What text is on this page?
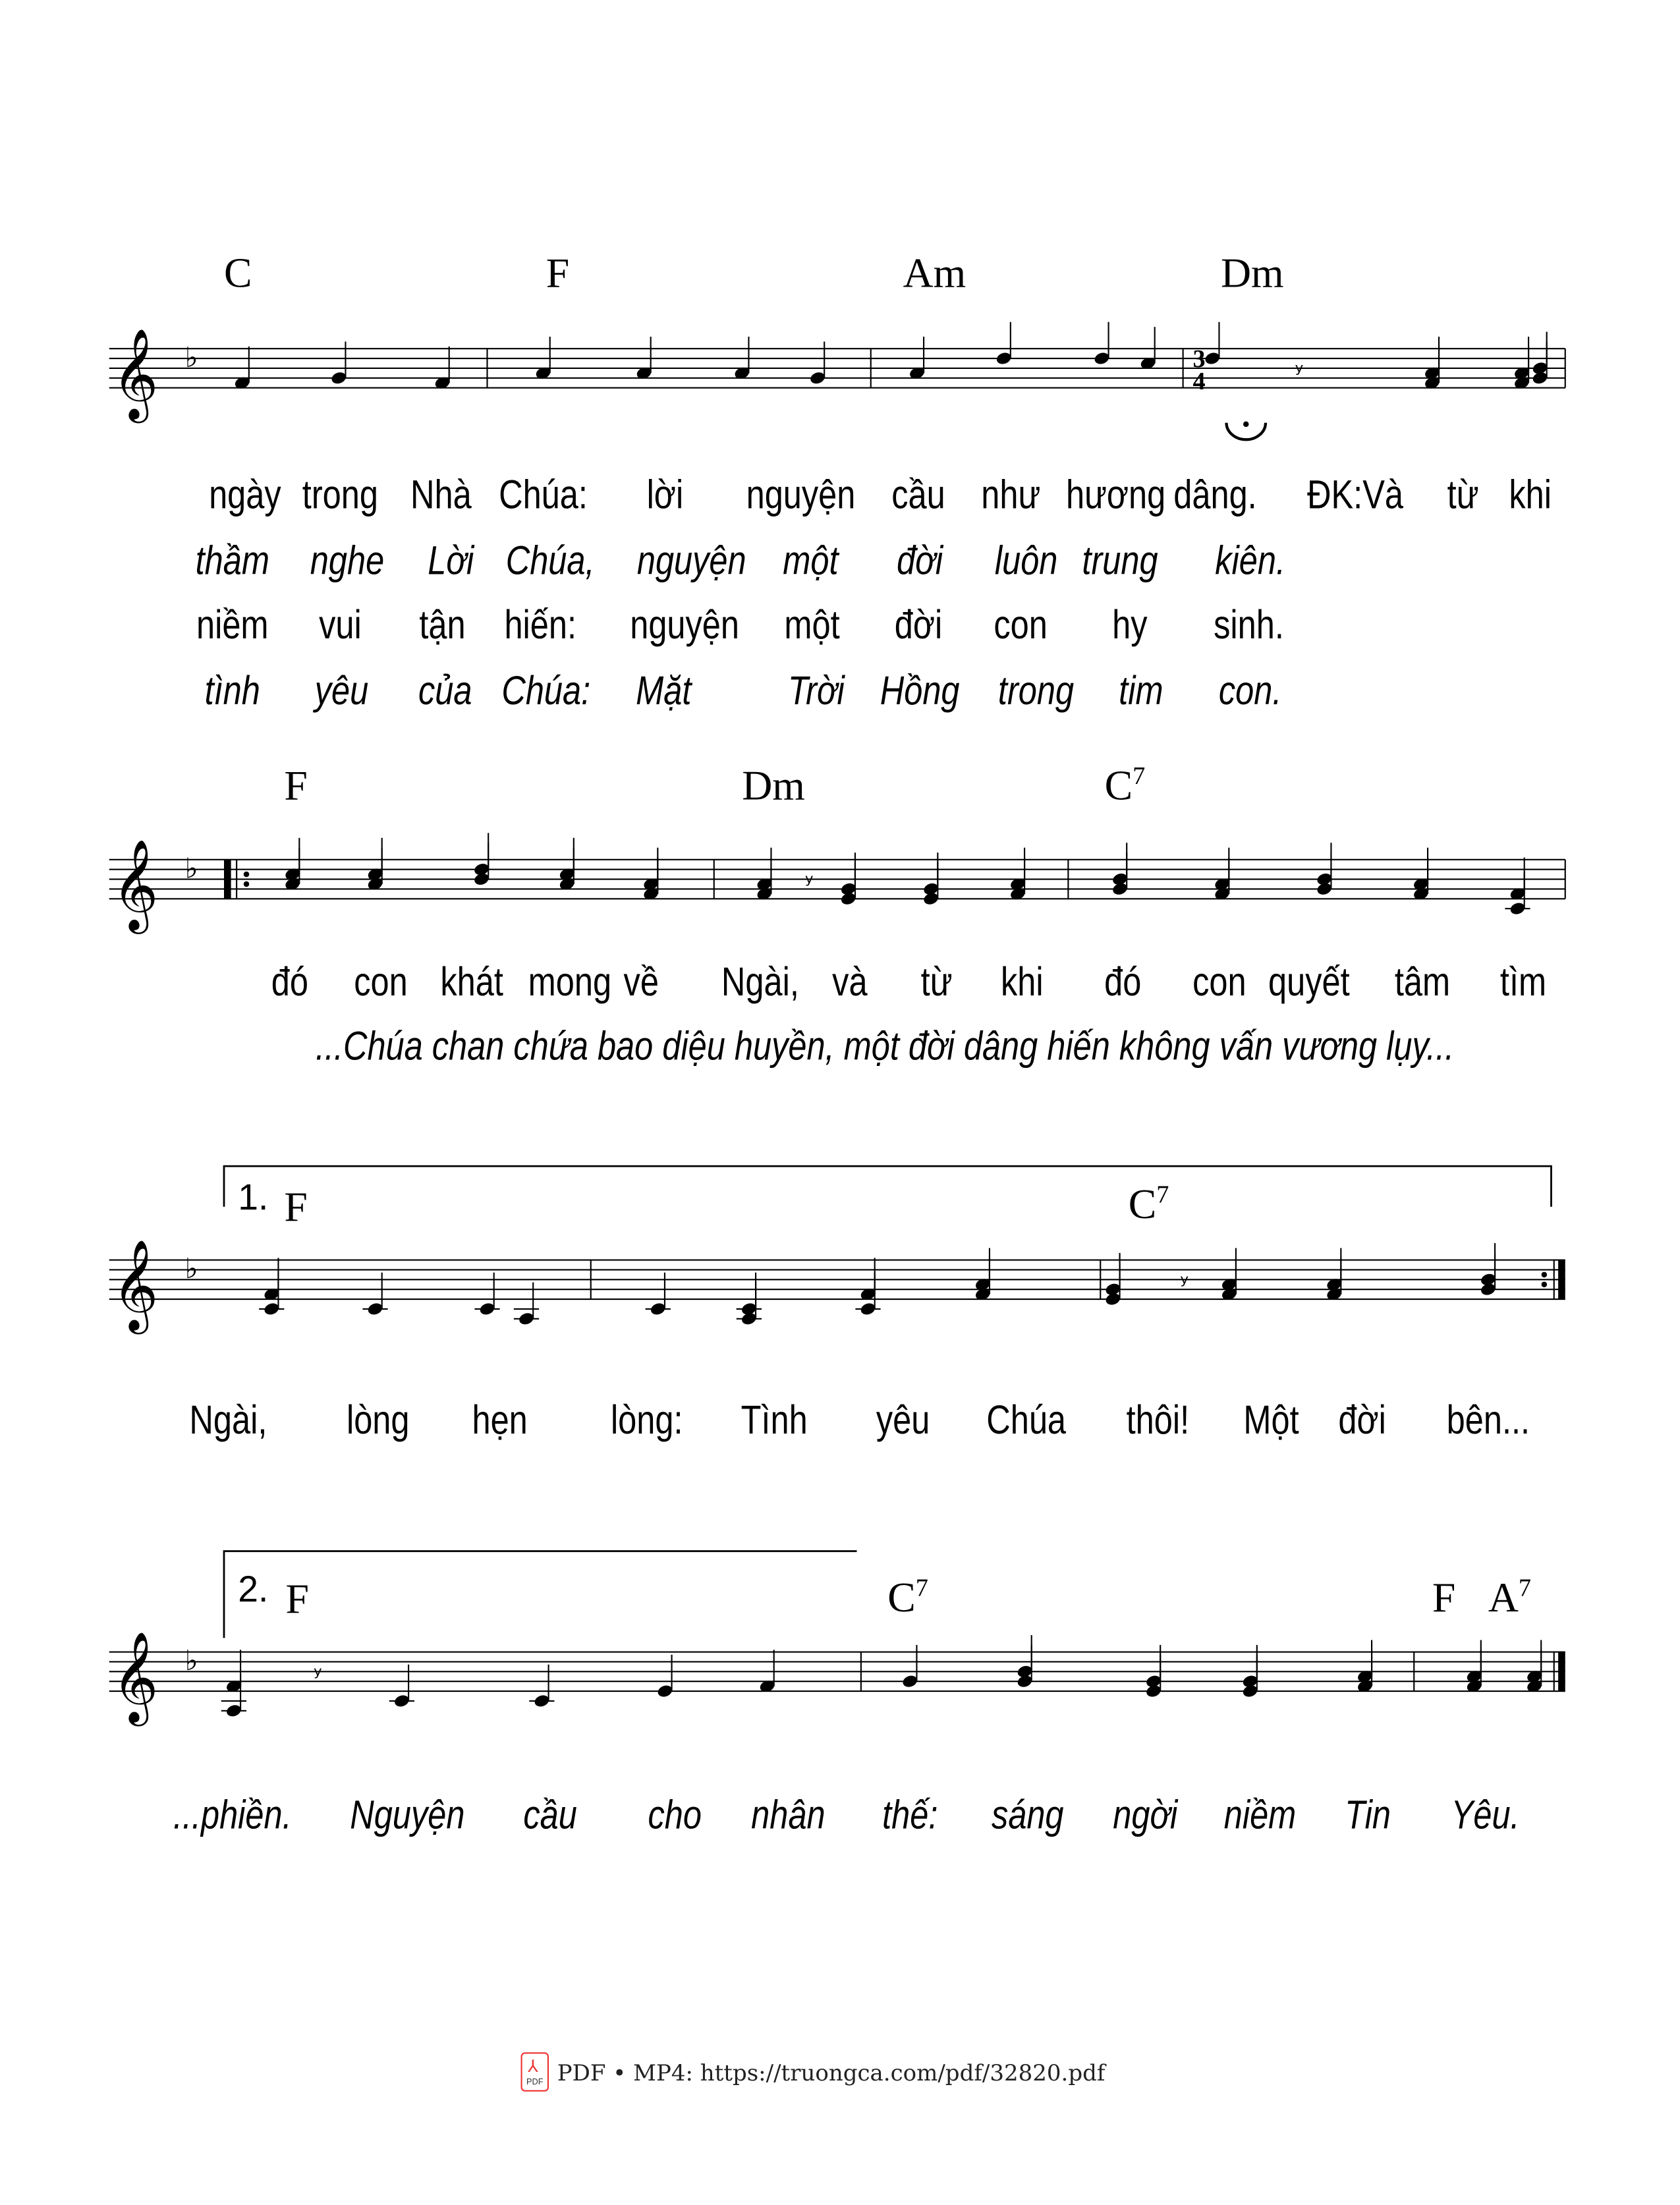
𝄞 ♭	3
4	ʸ
𝄞 ♭	ʸ
𝄞 ♭	ʸ
𝄞 ♭	ʸ
C	F	Am	Dm
F	Dm	$C^7$
1. F	$C^7$
2. F	$C^7$	F $A^7$
ngày trong Nhà Chúa:	lời	nguyện cầu như hương dâng.	ĐK:Và từ khi
thầm nghe Lời Chúa, nguyện một	đời	luôn trung	kiên.
niềm	vui	tận hiến:	nguyện một	đời	con	hy	sinh.
tình	yêu	của Chúa: Mặt	Trời Hồng trong tim	con.
đó con khát mong về	Ngài, và	từ	khi	đó	con quyết tâm	tìm
Ngài,	lòng	hẹn	lòng:	Tình	yêu	Chúa	thôi!	Một đời	bên...
...phiền.	Nguyện	cầu	cho	nhân	thế:	sáng	ngời niềm	Tin	Yêu.
...Chúa chan chứa bao diệu huyền, một đời dâng hiến không vấn vương lụy...
⅄
PDF PDF • MP4: https://truongca.com/pdf/32820.pdf
